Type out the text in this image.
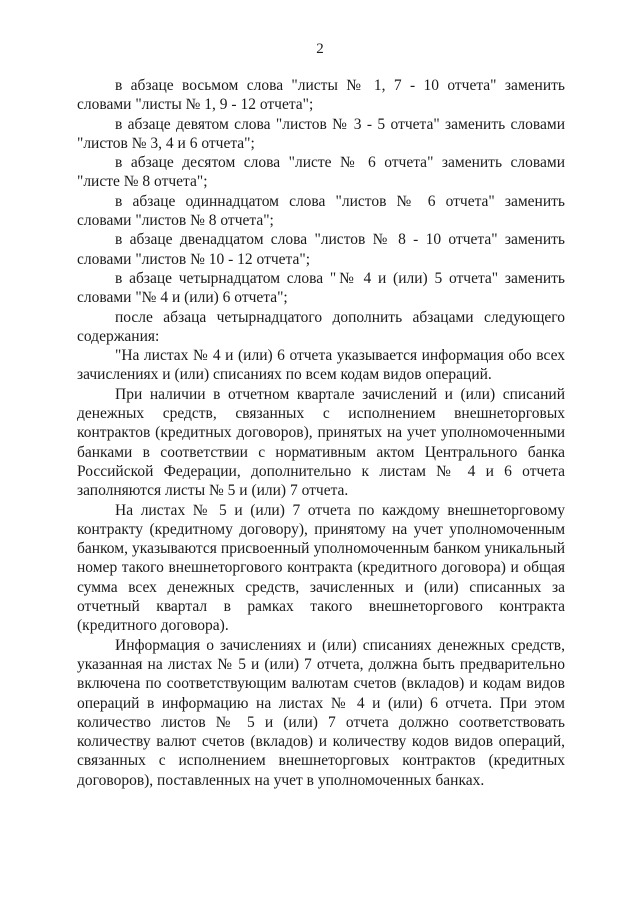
2

в абзаце восьмом слова "листы № 1, 7 - 10 отчета" заменить словами "листы № 1, 9 - 12 отчета";

в абзаце девятом слова "листов № 3 - 5 отчета" заменить словами "листов № 3, 4 и 6 отчета";

в абзаце десятом слова "листе № 6 отчета" заменить словами "листе № 8 отчета";

в абзаце одиннадцатом слова "листов № 6 отчета" заменить словами "листов № 8 отчета";

в абзаце двенадцатом слова "листов № 8 - 10 отчета" заменить словами "листов № 10 - 12 отчета";

в абзаце четырнадцатом слова "№ 4 и (или) 5 отчета" заменить словами "№ 4 и (или) 6 отчета";

после абзаца четырнадцатого дополнить абзацами следующего содержания:

"На листах № 4 и (или) 6 отчета указывается информация обо всех зачислениях и (или) списаниях по всем кодам видов операций.

При наличии в отчетном квартале зачислений и (или) списаний денежных средств, связанных с исполнением внешнеторговых контрактов (кредитных договоров), принятых на учет уполномоченными банками в соответствии с нормативным актом Центрального банка Российской Федерации, дополнительно к листам № 4 и 6 отчета заполняются листы № 5 и (или) 7 отчета.

На листах № 5 и (или) 7 отчета по каждому внешнеторговому контракту (кредитному договору), принятому на учет уполномоченным банком, указываются присвоенный уполномоченным банком уникальный номер такого внешнеторгового контракта (кредитного договора) и общая сумма всех денежных средств, зачисленных и (или) списанных за отчетный квартал в рамках такого внешнеторгового контракта (кредитного договора).

Информация о зачислениях и (или) списаниях денежных средств, указанная на листах № 5 и (или) 7 отчета, должна быть предварительно включена по соответствующим валютам счетов (вкладов) и кодам видов операций в информацию на листах № 4 и (или) 6 отчета. При этом количество листов № 5 и (или) 7 отчета должно соответствовать количеству валют счетов (вкладов) и количеству кодов видов операций, связанных с исполнением внешнеторговых контрактов (кредитных договоров), поставленных на учет в уполномоченных банках.
